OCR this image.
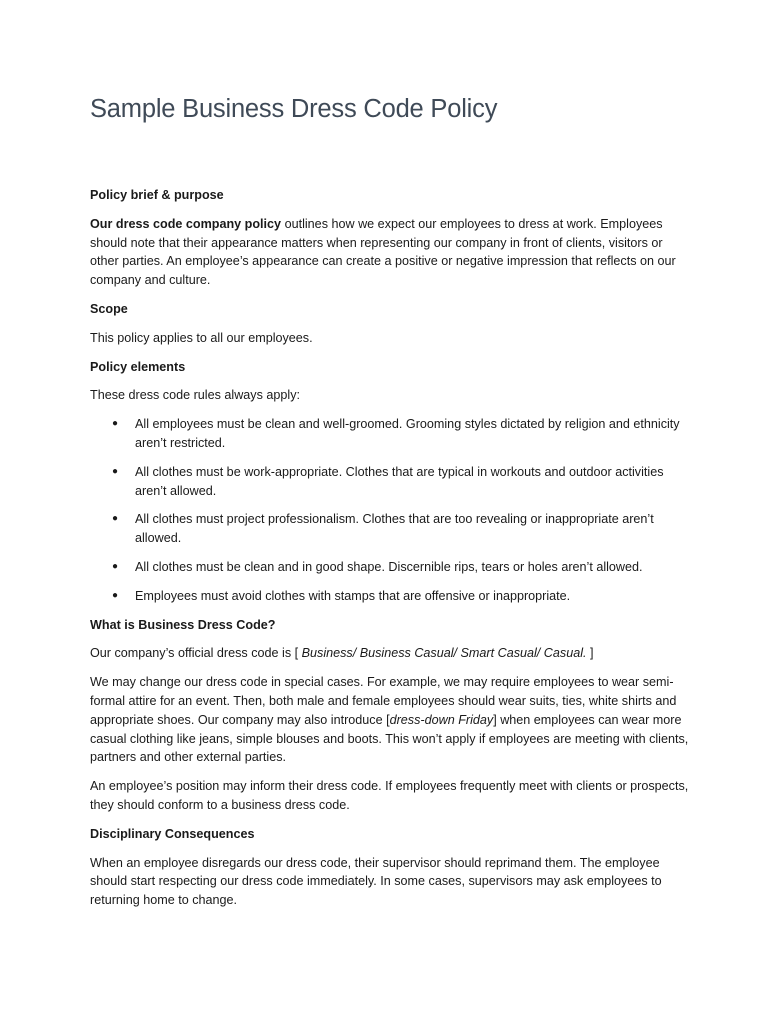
Sample Business Dress Code Policy
Policy brief & purpose

Our dress code company policy outlines how we expect our employees to dress at work. Employees should note that their appearance matters when representing our company in front of clients, visitors or other parties. An employee’s appearance can create a positive or negative impression that reflects on our company and culture.

Scope

This policy applies to all our employees.

Policy elements

These dress code rules always apply:

● All employees must be clean and well-groomed. Grooming styles dictated by religion and ethnicity aren’t restricted.
● All clothes must be work-appropriate. Clothes that are typical in workouts and outdoor activities aren’t allowed.
● All clothes must project professionalism. Clothes that are too revealing or inappropriate aren’t allowed.
● All clothes must be clean and in good shape. Discernible rips, tears or holes aren’t allowed.
● Employees must avoid clothes with stamps that are offensive or inappropriate.
What is Business Dress Code?

Our company’s official dress code is [ Business/ Business Casual/ Smart Casual/ Casual. ]

We may change our dress code in special cases. For example, we may require employees to wear semi-formal attire for an event. Then, both male and female employees should wear suits, ties, white shirts and appropriate shoes. Our company may also introduce [dress-down Friday] when employees can wear more casual clothing like jeans, simple blouses and boots. This won’t apply if employees are meeting with clients, partners and other external parties.

An employee’s position may inform their dress code. If employees frequently meet with clients or prospects, they should conform to a business dress code.

Disciplinary Consequences

When an employee disregards our dress code, their supervisor should reprimand them. The employee should start respecting our dress code immediately. In some cases, supervisors may ask employees to returning home to change.
